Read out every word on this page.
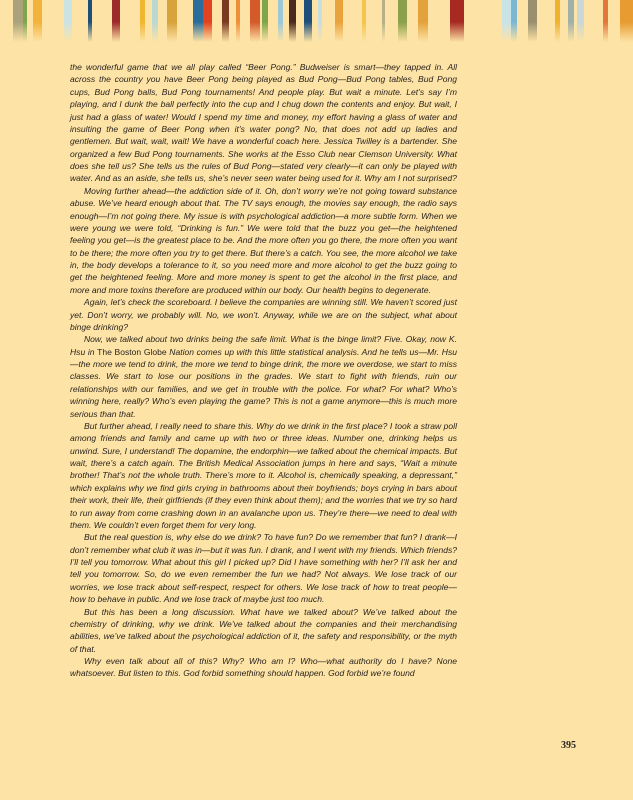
the wonderful game that we all play called “Beer Pong.” Budweiser is smart—they tapped in. All across the country you have Beer Pong being played as Bud Pong—Bud Pong tables, Bud Pong cups, Bud Pong balls, Bud Pong tournaments! And people play. But wait a minute. Let’s say I’m playing, and I dunk the ball perfectly into the cup and I chug down the contents and enjoy. But wait, I just had a glass of water! Would I spend my time and money, my effort having a glass of water and insulting the game of Beer Pong when it’s water pong? No, that does not add up ladies and gentlemen. But wait, wait, wait! We have a wonderful coach here. Jessica Twilley is a bartender. She organized a few Bud Pong tournaments. She works at the Esso Club near Clemson University. What does she tell us? She tells us the rules of Bud Pong—stated very clearly—it can only be played with water. And as an aside, she tells us, she’s never seen water being used for it. Why am I not surprised?

Moving further ahead—the addiction side of it. Oh, don’t worry we’re not going toward substance abuse. We’ve heard enough about that. The TV says enough, the movies say enough, the radio says enough—I’m not going there. My issue is with psychological addiction—a more subtle form. When we were young we were told, “Drinking is fun.” We were told that the buzz you get—the heightened feeling you get—is the greatest place to be. And the more often you go there, the more often you want to be there; the more often you try to get there. But there’s a catch. You see, the more alcohol we take in, the body develops a tolerance to it, so you need more and more alcohol to get the buzz going to get the heightened feeling. More and more money is spent to get the alcohol in the first place, and more and more toxins therefore are produced within our body. Our health begins to degenerate.

Again, let’s check the scoreboard. I believe the companies are winning still. We haven’t scored just yet. Don’t worry, we probably will. No, we won’t. Anyway, while we are on the subject, what about binge drinking?

Now, we talked about two drinks being the safe limit. What is the binge limit? Five. Okay, now K. Hsu in The Boston Globe Nation comes up with this little statistical analysis. And he tells us—Mr. Hsu—the more we tend to drink, the more we tend to binge drink, the more we overdose, we start to miss classes. We start to lose our positions in the grades. We start to fight with friends, ruin our relationships with our families, and we get in trouble with the police. For what? For what? Who’s winning here, really? Who’s even playing the game? This is not a game anymore—this is much more serious than that.

But further ahead, I really need to share this. Why do we drink in the first place? I took a straw poll among friends and family and came up with two or three ideas. Number one, drinking helps us unwind. Sure, I understand! The dopamine, the endorphin—we talked about the chemical impacts. But wait, there’s a catch again. The British Medical Association jumps in here and says, “Wait a minute brother! That’s not the whole truth. There’s more to it. Alcohol is, chemically speaking, a depressant,” which explains why we find girls crying in bathrooms about their boyfriends; boys crying in bars about their work, their life, their girlfriends (if they even think about them); and the worries that we try so hard to run away from come crashing down in an avalanche upon us. They’re there—we need to deal with them. We couldn’t even forget them for very long.

But the real question is, why else do we drink? To have fun? Do we remember that fun? I drank—I don’t remember what club it was in—but it was fun. I drank, and I went with my friends. Which friends? I’ll tell you tomorrow. What about this girl I picked up? Did I have something with her? I’ll ask her and tell you tomorrow. So, do we even remember the fun we had? Not always. We lose track of our worries, we lose track about self-respect, respect for others. We lose track of how to treat people—how to behave in public. And we lose track of maybe just too much.

But this has been a long discussion. What have we talked about? We’ve talked about the chemistry of drinking, why we drink. We’ve talked about the companies and their merchandising abilities, we’ve talked about the psychological addiction of it, the safety and responsibility, or the myth of that.

Why even talk about all of this? Why? Who am I? Who—what authority do I have? None whatsoever. But listen to this. God forbid something should happen. God forbid we’re found

395
